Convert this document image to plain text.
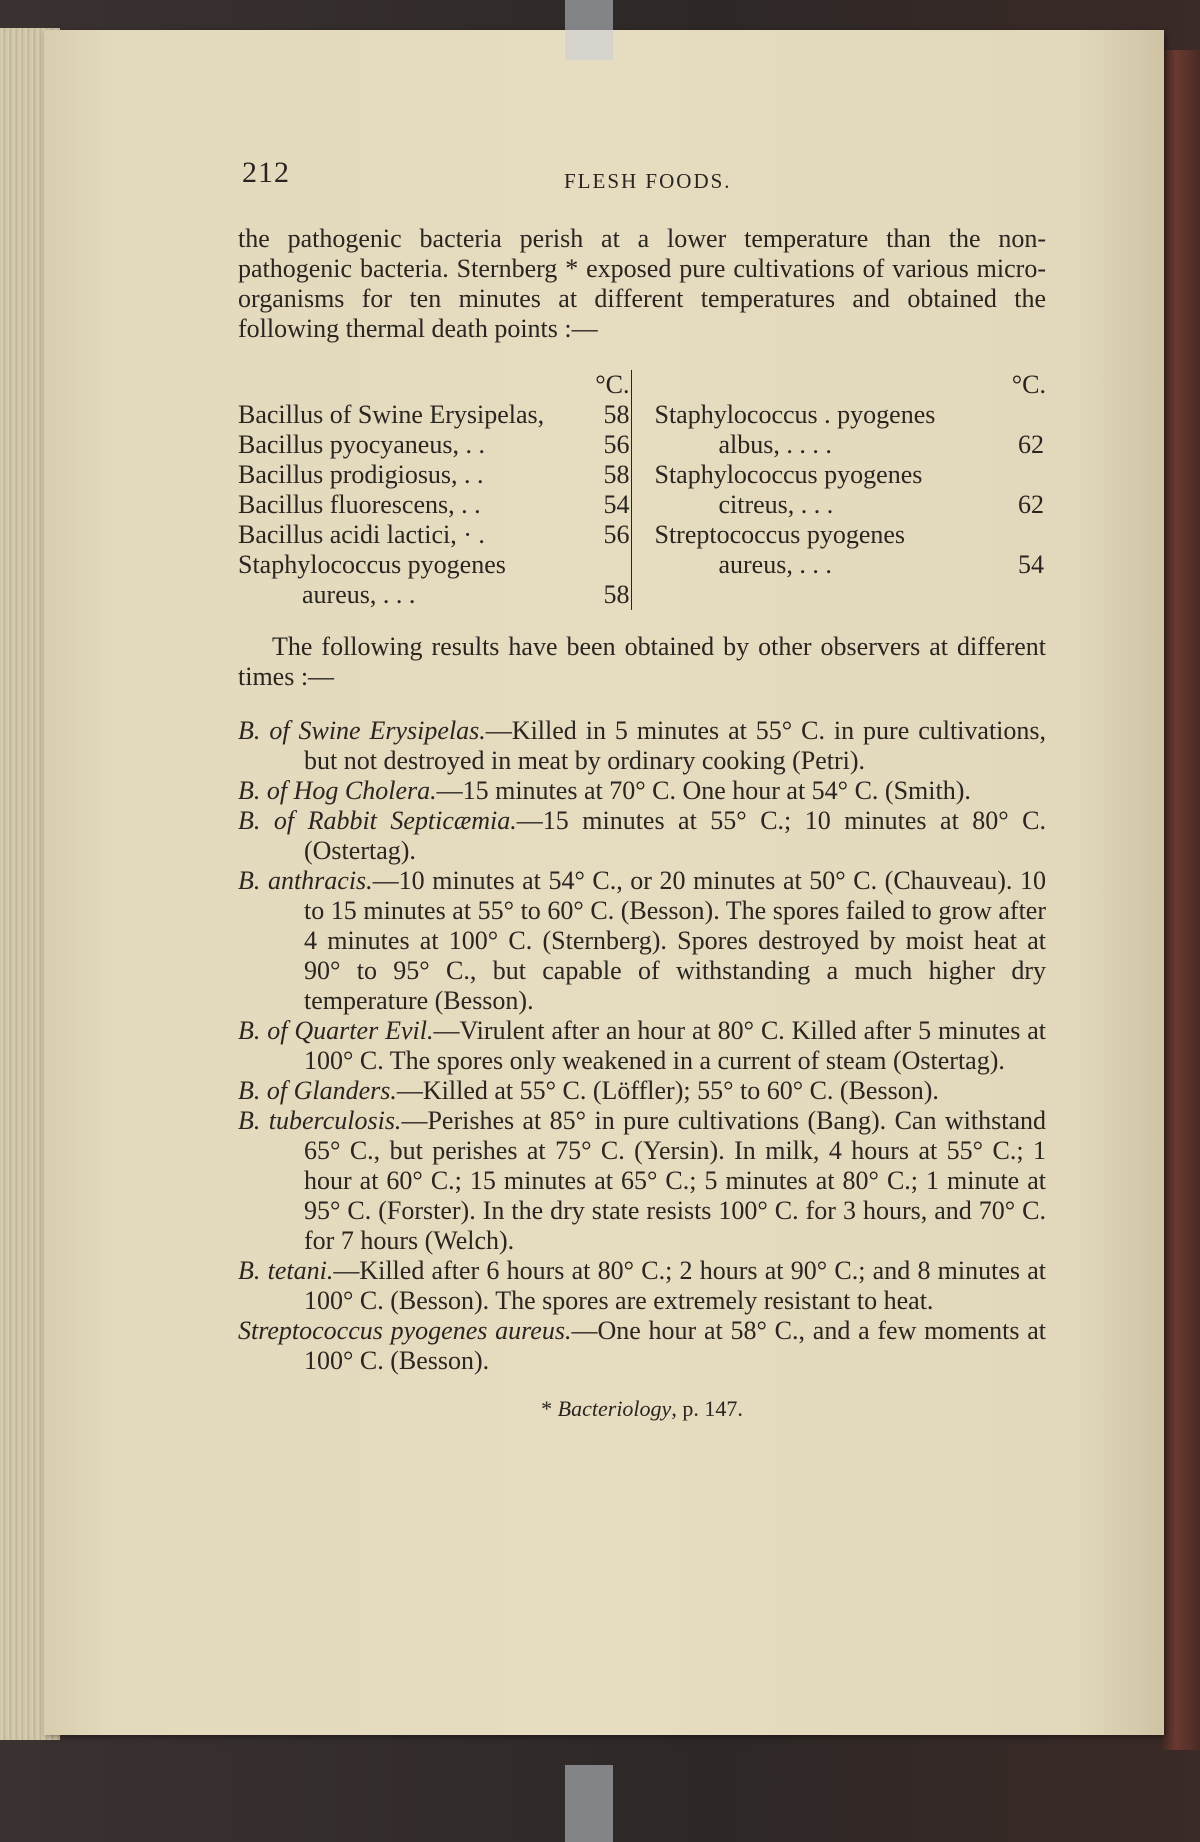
212	FLESH FOODS.

the pathogenic bacteria perish at a lower temperature than the non-pathogenic bacteria. Sternberg * exposed pure cultivations of various micro-organisms for ten minutes at different temperatures and obtained the following thermal death points :—

°C.
Bacillus of Swine Erysipelas, 58
Bacillus pyocyaneus, . .	56
Bacillus prodigiosus, . .	58
Bacillus fluorescens, . .	54
Bacillus acidi lactici, · .	56
Staphylococcus pyogenes
aureus, . . .	58
°C.
Staphylococcus . pyogenes
albus, . . . .	62
Staphylococcus pyogenes
citreus, . . .	62
Streptococcus pyogenes
aureus, . . .	54

The following results have been obtained by other observers at different times :—

B. of Swine Erysipelas.—Killed in 5 minutes at 55° C. in pure cultivations, but not destroyed in meat by ordinary cooking (Petri).

B. of Hog Cholera.—15 minutes at 70° C. One hour at 54° C. (Smith).

B. of Rabbit Septicæmia.—15 minutes at 55° C.; 10 minutes at 80° C. (Ostertag).

B. anthracis.—10 minutes at 54° C., or 20 minutes at 50° C. (Chauveau). 10 to 15 minutes at 55° to 60° C. (Besson). The spores failed to grow after 4 minutes at 100° C. (Sternberg). Spores destroyed by moist heat at 90° to 95° C., but capable of withstanding a much higher dry temperature (Besson).

B. of Quarter Evil.—Virulent after an hour at 80° C. Killed after 5 minutes at 100° C. The spores only weakened in a current of steam (Ostertag).

B. of Glanders.—Killed at 55° C. (Löffler); 55° to 60° C. (Besson).

B. tuberculosis.—Perishes at 85° in pure cultivations (Bang). Can withstand 65° C., but perishes at 75° C. (Yersin). In milk, 4 hours at 55° C.; 1 hour at 60° C.; 15 minutes at 65° C.; 5 minutes at 80° C.; 1 minute at 95° C. (Forster). In the dry state resists 100° C. for 3 hours, and 70° C. for 7 hours (Welch).

B. tetani.—Killed after 6 hours at 80° C.; 2 hours at 90° C.; and 8 minutes at 100° C. (Besson). The spores are extremely resistant to heat.

Streptococcus pyogenes aureus.—One hour at 58° C., and a few moments at 100° C. (Besson).

* Bacteriology, p. 147.
